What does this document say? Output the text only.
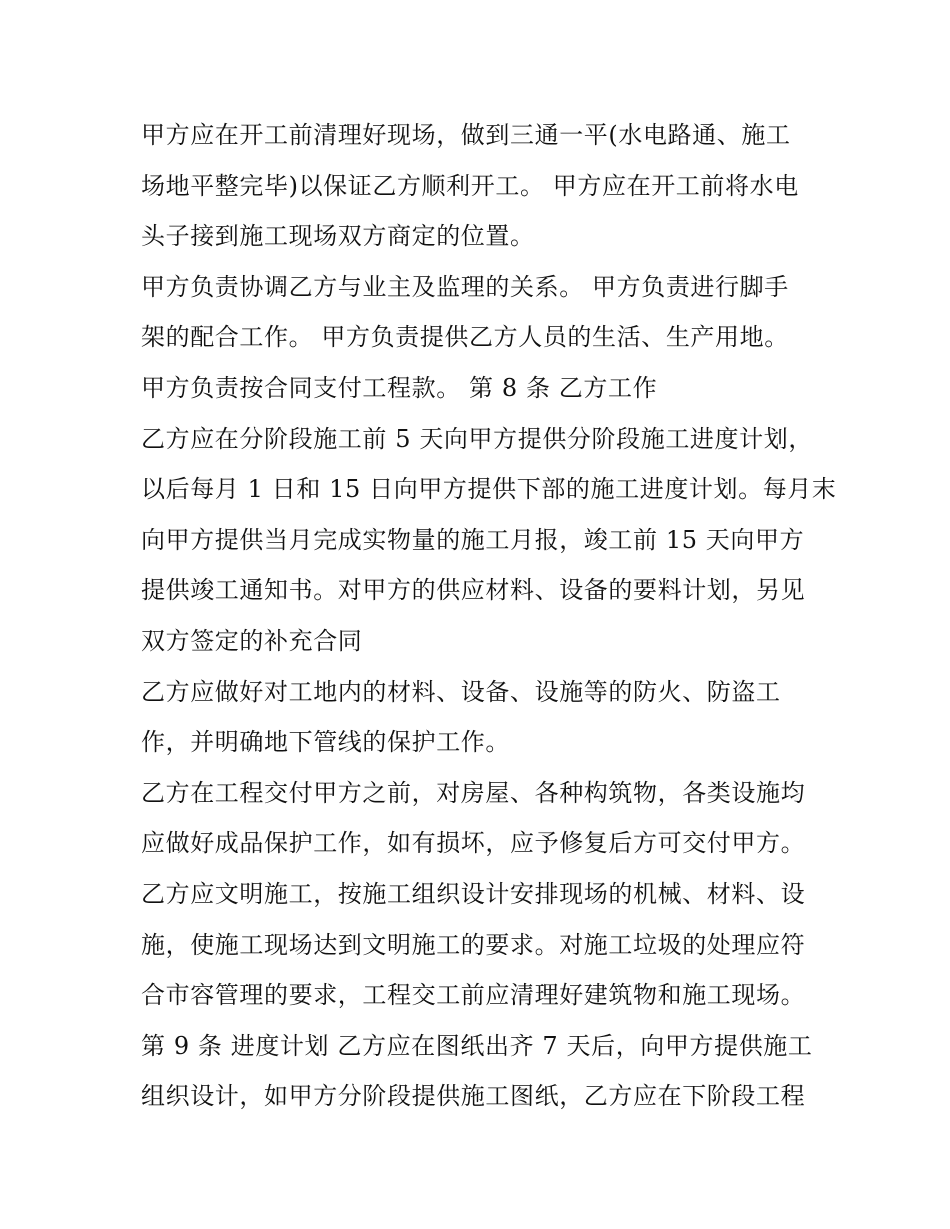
甲方应在开工前清理好现场，做到三通一平(水电路通、施工
场地平整完毕)以保证乙方顺利开工。 甲方应在开工前将水电
头子接到施工现场双方商定的位置。
甲方负责协调乙方与业主及监理的关系。 甲方负责进行脚手
架的配合工作。 甲方负责提供乙方人员的生活、生产用地。
甲方负责按合同支付工程款。 第 8 条 乙方工作
乙方应在分阶段施工前 5 天向甲方提供分阶段施工进度计划，
以后每月 1 日和 15 日向甲方提供下部的施工进度计划。每月末
向甲方提供当月完成实物量的施工月报，竣工前 15 天向甲方
提供竣工通知书。对甲方的供应材料、设备的要料计划，另见
双方签定的补充合同
乙方应做好对工地内的材料、设备、设施等的防火、防盗工
作，并明确地下管线的保护工作。
乙方在工程交付甲方之前，对房屋、各种构筑物，各类设施均
应做好成品保护工作，如有损坏，应予修复后方可交付甲方。
乙方应文明施工，按施工组织设计安排现场的机械、材料、设
施，使施工现场达到文明施工的要求。对施工垃圾的处理应符
合市容管理的要求，工程交工前应清理好建筑物和施工现场。
第 9 条 进度计划 乙方应在图纸出齐 7 天后，向甲方提供施工
组织设计，如甲方分阶段提供施工图纸，乙方应在下阶段工程
